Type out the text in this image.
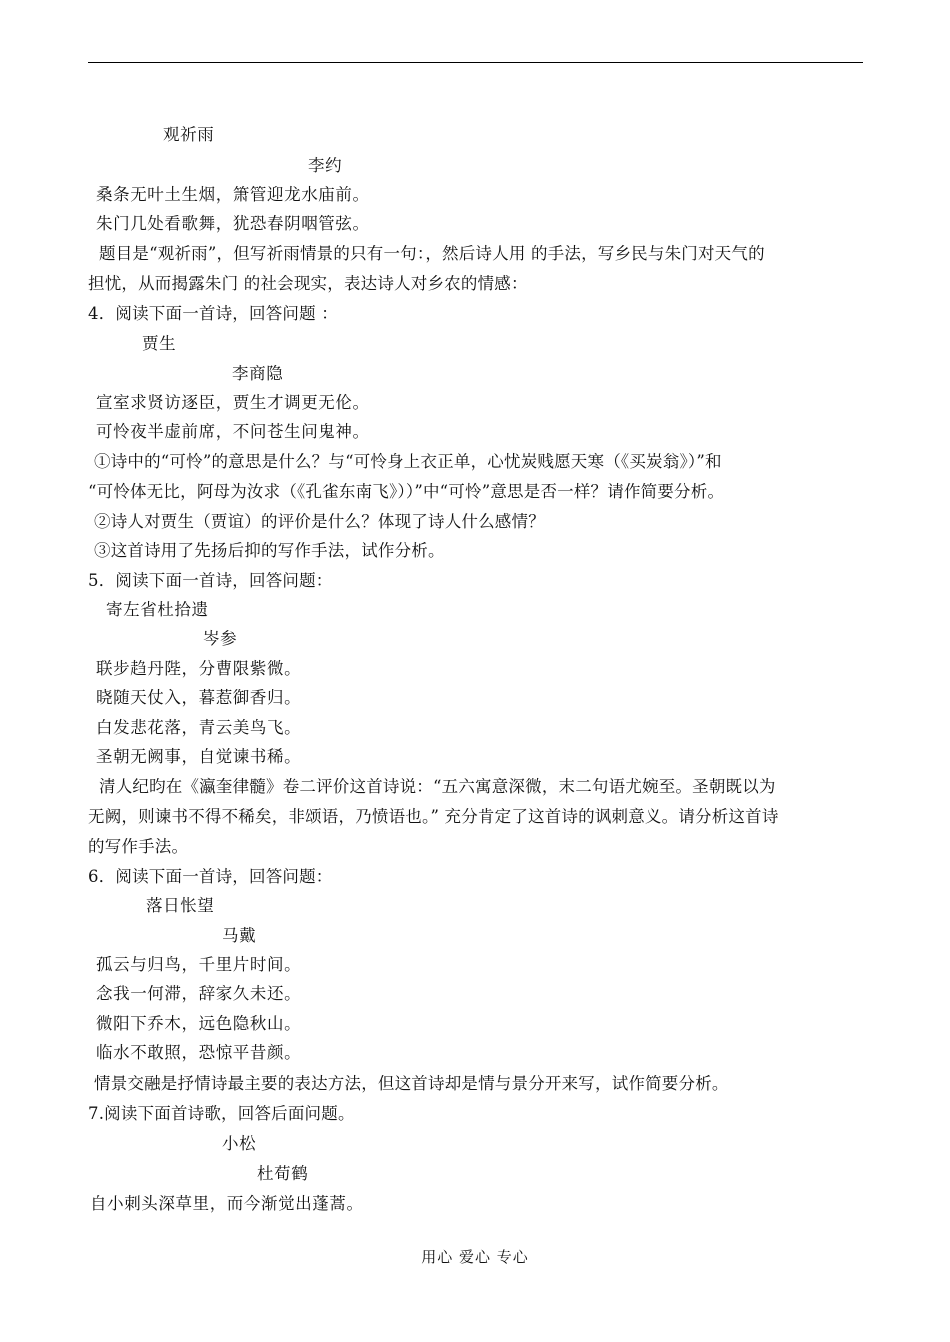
观祈雨
李约
桑条无叶土生烟，箫管迎龙水庙前。
朱门几处看歌舞，犹恐春阴咽管弦。
题目是“观祈雨”，但写祈雨情景的只有一句：，然后诗人用 的手法，写乡民与朱门对天气的
担忧，从而揭露朱门 的社会现实，表达诗人对乡农的情感：
4．阅读下面一首诗，回答问题 ：
贾生
李商隐
宣室求贤访逐臣，贾生才调更无伦。
可怜夜半虚前席，不问苍生问鬼神。
①诗中的“可怜”的意思是什么？与“可怜身上衣正单，心忧炭贱愿天寒（《买炭翁》）”和
“可怜体无比，阿母为汝求（《孔雀东南飞》））”中“可怜”意思是否一样？请作简要分析。
②诗人对贾生（贾谊）的评价是什么？体现了诗人什么感情？
③这首诗用了先扬后抑的写作手法，试作分析。
5．阅读下面一首诗，回答问题：
寄左省杜拾遗
岑参
联步趋丹陛，分曹限紫微。
晓随天仗入，暮惹御香归。
白发悲花落，青云美鸟飞。
圣朝无阙事，自觉谏书稀。
清人纪昀在《瀛奎律髓》卷二评价这首诗说：“五六寓意深微，末二句语尤婉至。圣朝既以为
无阙，则谏书不得不稀矣，非颂语，乃愤语也。” 充分肯定了这首诗的讽刺意义。请分析这首诗
的写作手法。
6．阅读下面一首诗，回答问题：
落日怅望
马戴
孤云与归鸟，千里片时间。
念我一何滞，辞家久未还。
微阳下乔木，远色隐秋山。
临水不敢照，恐惊平昔颜。
情景交融是抒情诗最主要的表达方法，但这首诗却是情与景分开来写，试作简要分析。
7.阅读下面首诗歌，回答后面问题。
小松
杜荀鹤
自小刺头深草里，而今渐觉出蓬蒿。
用心 爱心 专心
